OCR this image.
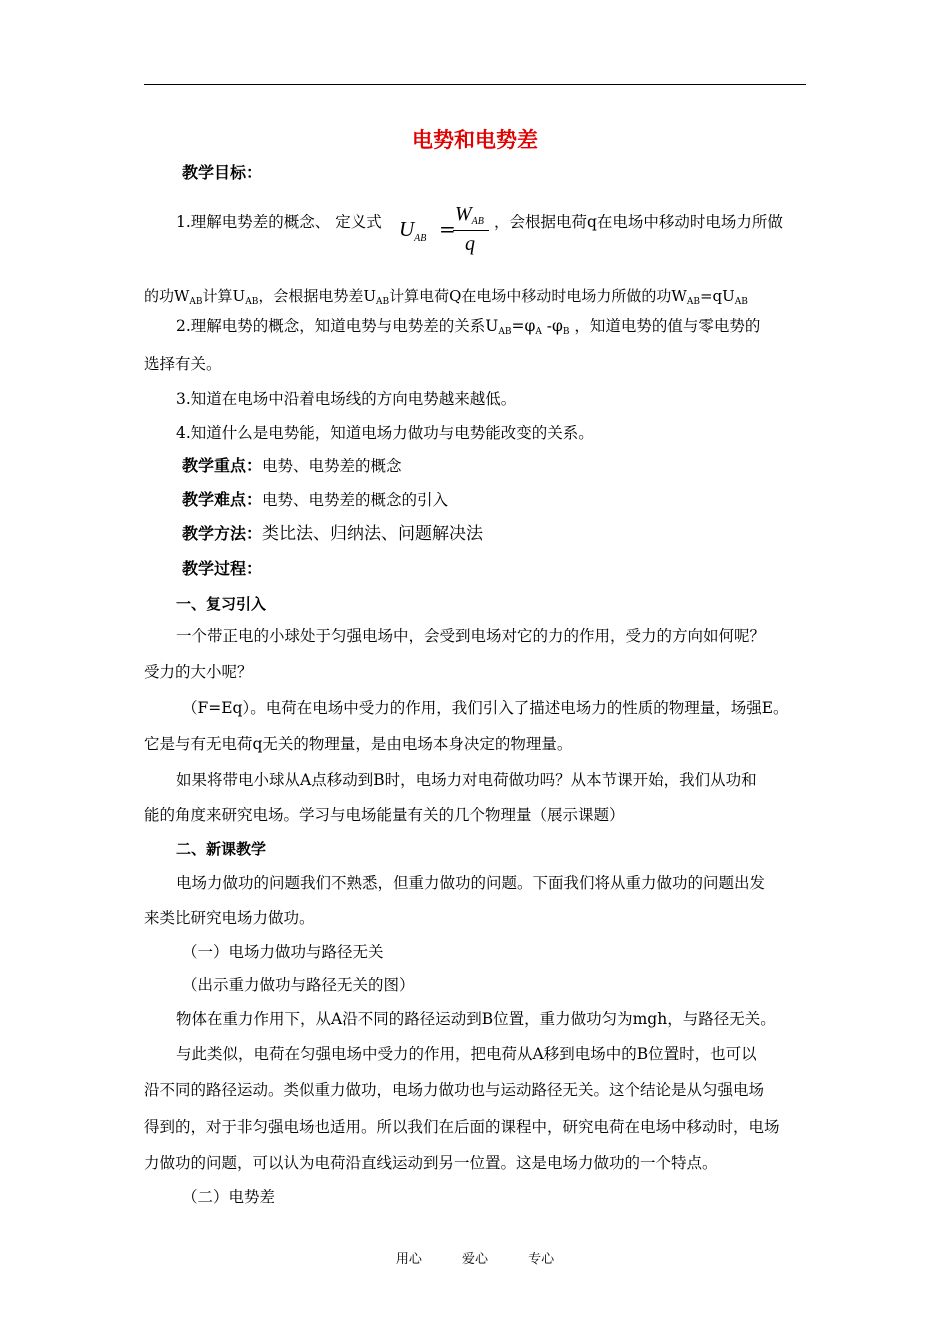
电势和电势差
教学目标：
1.理解电势差的概念、 定义式 $U_{AB}$ =
$W_{AB}$
q
，会根据电荷q在电场中移动时电场力所做
的功$W_{AB}$计算$U_{AB}$，会根据电势差$U_{AB}$计算电荷Q在电场中移动时电场力所做的功$W_{AB}=qU_{AB}$
2.理解电势的概念，知道电势与电势差的关系$U_{AB}=\varphi_A$ $-\varphi_B$ ，知道电势的值与零电势的
选择有关。
3.知道在电场中沿着电场线的方向电势越来越低。
4.知道什么是电势能，知道电场力做功与电势能改变的关系。
教学重点：电势、电势差的概念
教学难点：电势、电势差的概念的引入
教学方法：类比法、归纳法、问题解决法
教学过程：
一、复习引入
一个带正电的小球处于匀强电场中，会受到电场对它的力的作用，受力的方向如何呢？
受力的大小呢？
（F=Eq）。电荷在电场中受力的作用，我们引入了描述电场力的性质的物理量，场强E。
它是与有无电荷q无关的物理量，是由电场本身决定的物理量。
如果将带电小球从A点移动到B时，电场力对电荷做功吗？从本节课开始，我们从功和
能的角度来研究电场。学习与电场能量有关的几个物理量（展示课题）
二、新课教学
电场力做功的问题我们不熟悉，但重力做功的问题。下面我们将从重力做功的问题出发
来类比研究电场力做功。
（一）电场力做功与路径无关
（出示重力做功与路径无关的图）
物体在重力作用下，从A沿不同的路径运动到B位置，重力做功匀为mgh，与路径无关。
与此类似，电荷在匀强电场中受力的作用，把电荷从A移到电场中的B位置时，也可以
沿不同的路径运动。类似重力做功，电场力做功也与运动路径无关。这个结论是从匀强电场
得到的，对于非匀强电场也适用。所以我们在后面的课程中，研究电荷在电场中移动时，电场
力做功的问题，可以认为电荷沿直线运动到另一位置。这是电场力做功的一个特点。
（二）电势差
用心	爱心	专心
